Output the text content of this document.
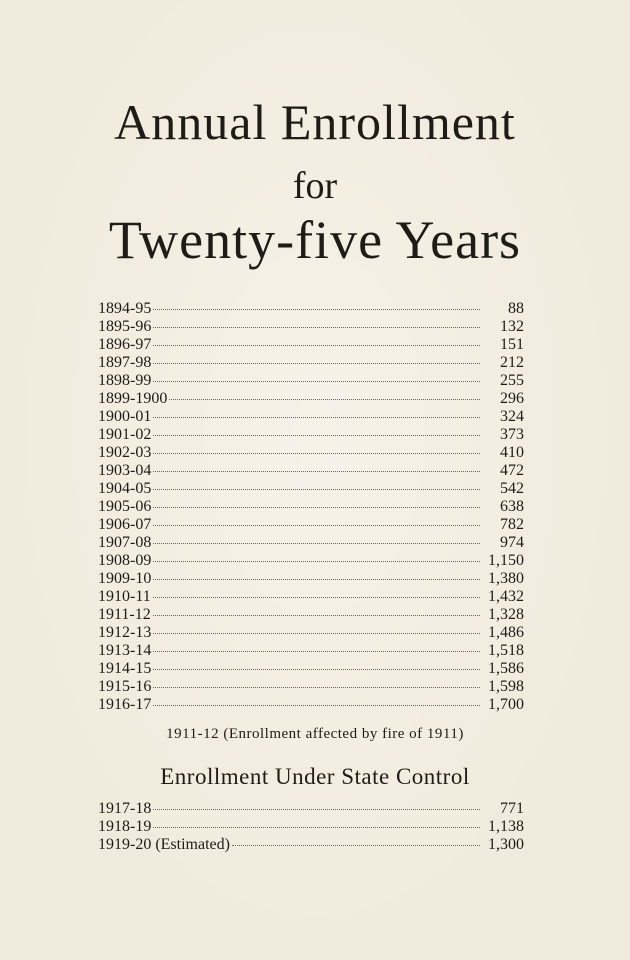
Annual Enrollment
for
Twenty-five Years
1894-95	88
1895-96	132
1896-97	151
1897-98	212
1898-99	255
1899-1900	296
1900-01	324
1901-02	373
1902-03	410
1903-04	472
1904-05	542
1905-06	638
1906-07	782
1907-08	974
1908-09	1,150
1909-10	1,380
1910-11	1,432
1911-12	1,328
1912-13	1,486
1913-14	1,518
1914-15	1,586
1915-16	1,598
1916-17	1,700
1911-12 (Enrollment affected by fire of 1911)
Enrollment Under State Control
1917-18	771
1918-19	1,138
1919-20 (Estimated)	1,300
